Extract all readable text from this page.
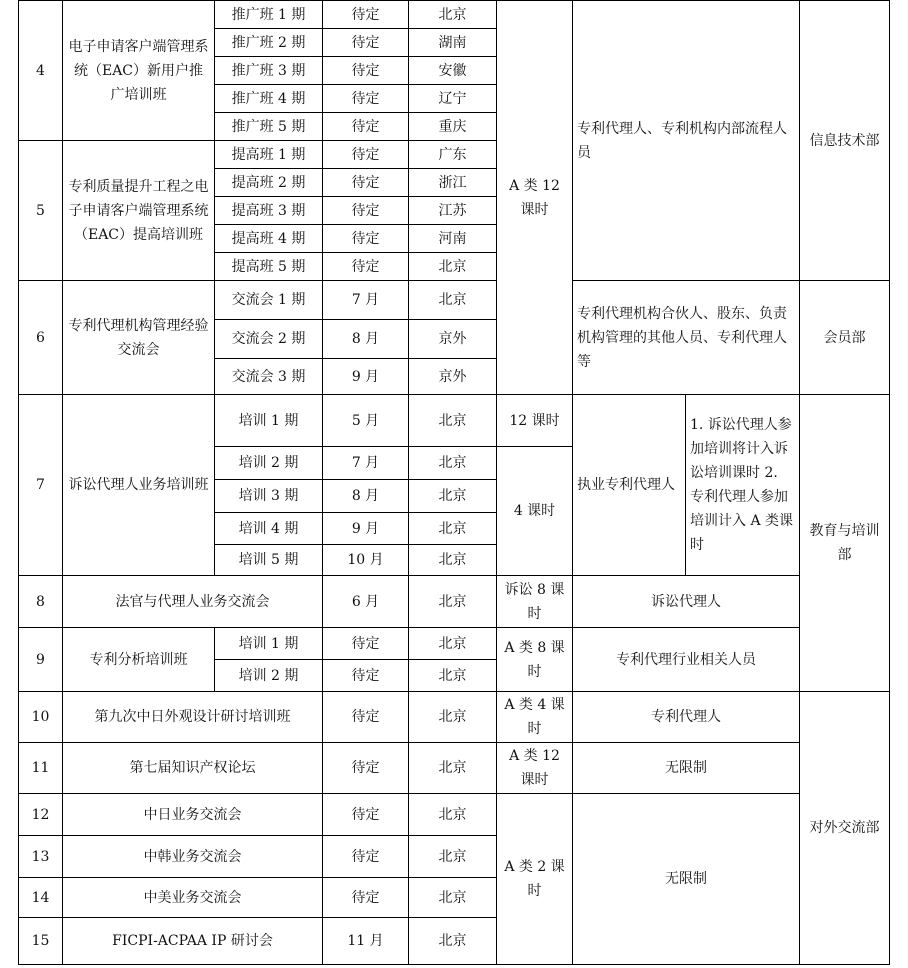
4	电子申请客户端管理系统（EAC）新用户推广培训班	推广班 1 期	待定	北京	A 类 12 课时	专利代理人、专利机构内部流程人员		信息技术部
		推广班 2 期	待定	湖南				
		推广班 3 期	待定	安徽				
		推广班 4 期	待定	辽宁				
		推广班 5 期	待定	重庆				
5	专利质量提升工程之电子申请客户端管理系统（EAC）提高培训班	提高班 1 期	待定	广东				
		提高班 2 期	待定	浙江				
		提高班 3 期	待定	江苏				
		提高班 4 期	待定	河南				
		提高班 5 期	待定	北京				
6	专利代理机构管理经验交流会	交流会 1 期	7 月	北京		专利代理机构合伙人、股东、负责机构管理的其他人员、专利代理人等		会员部
		交流会 2 期	8 月	京外				
		交流会 3 期	9 月	京外				
7	诉讼代理人业务培训班	培训 1 期	5 月	北京	12 课时	执业专利代理人	1. 诉讼代理人参加培训将计入诉讼培训课时 2. 专利代理人参加培训计入 A 类课时	教育与培训部
		培训 2 期	7 月	北京	4 课时			
		培训 3 期	8 月	北京				
		培训 4 期	9 月	北京				
		培训 5 期	10 月	北京				
8	法官与代理人业务交流会		6 月	北京	诉讼 8 课时	诉讼代理人		
9	专利分析培训班	培训 1 期	待定	北京	A 类 8 课时	专利代理行业相关人员		
		培训 2 期	待定	北京				
10	第九次中日外观设计研讨培训班		待定	北京	A 类 4 课时	专利代理人		对外交流部
11	第七届知识产权论坛		待定	北京	A 类 12 课时	无限制		
12	中日业务交流会		待定	北京	A 类 2 课时	无限制		
13	中韩业务交流会		待定	北京				
14	中美业务交流会		待定	北京				
15	FICPI-ACPAA IP 研讨会		11 月	北京				
